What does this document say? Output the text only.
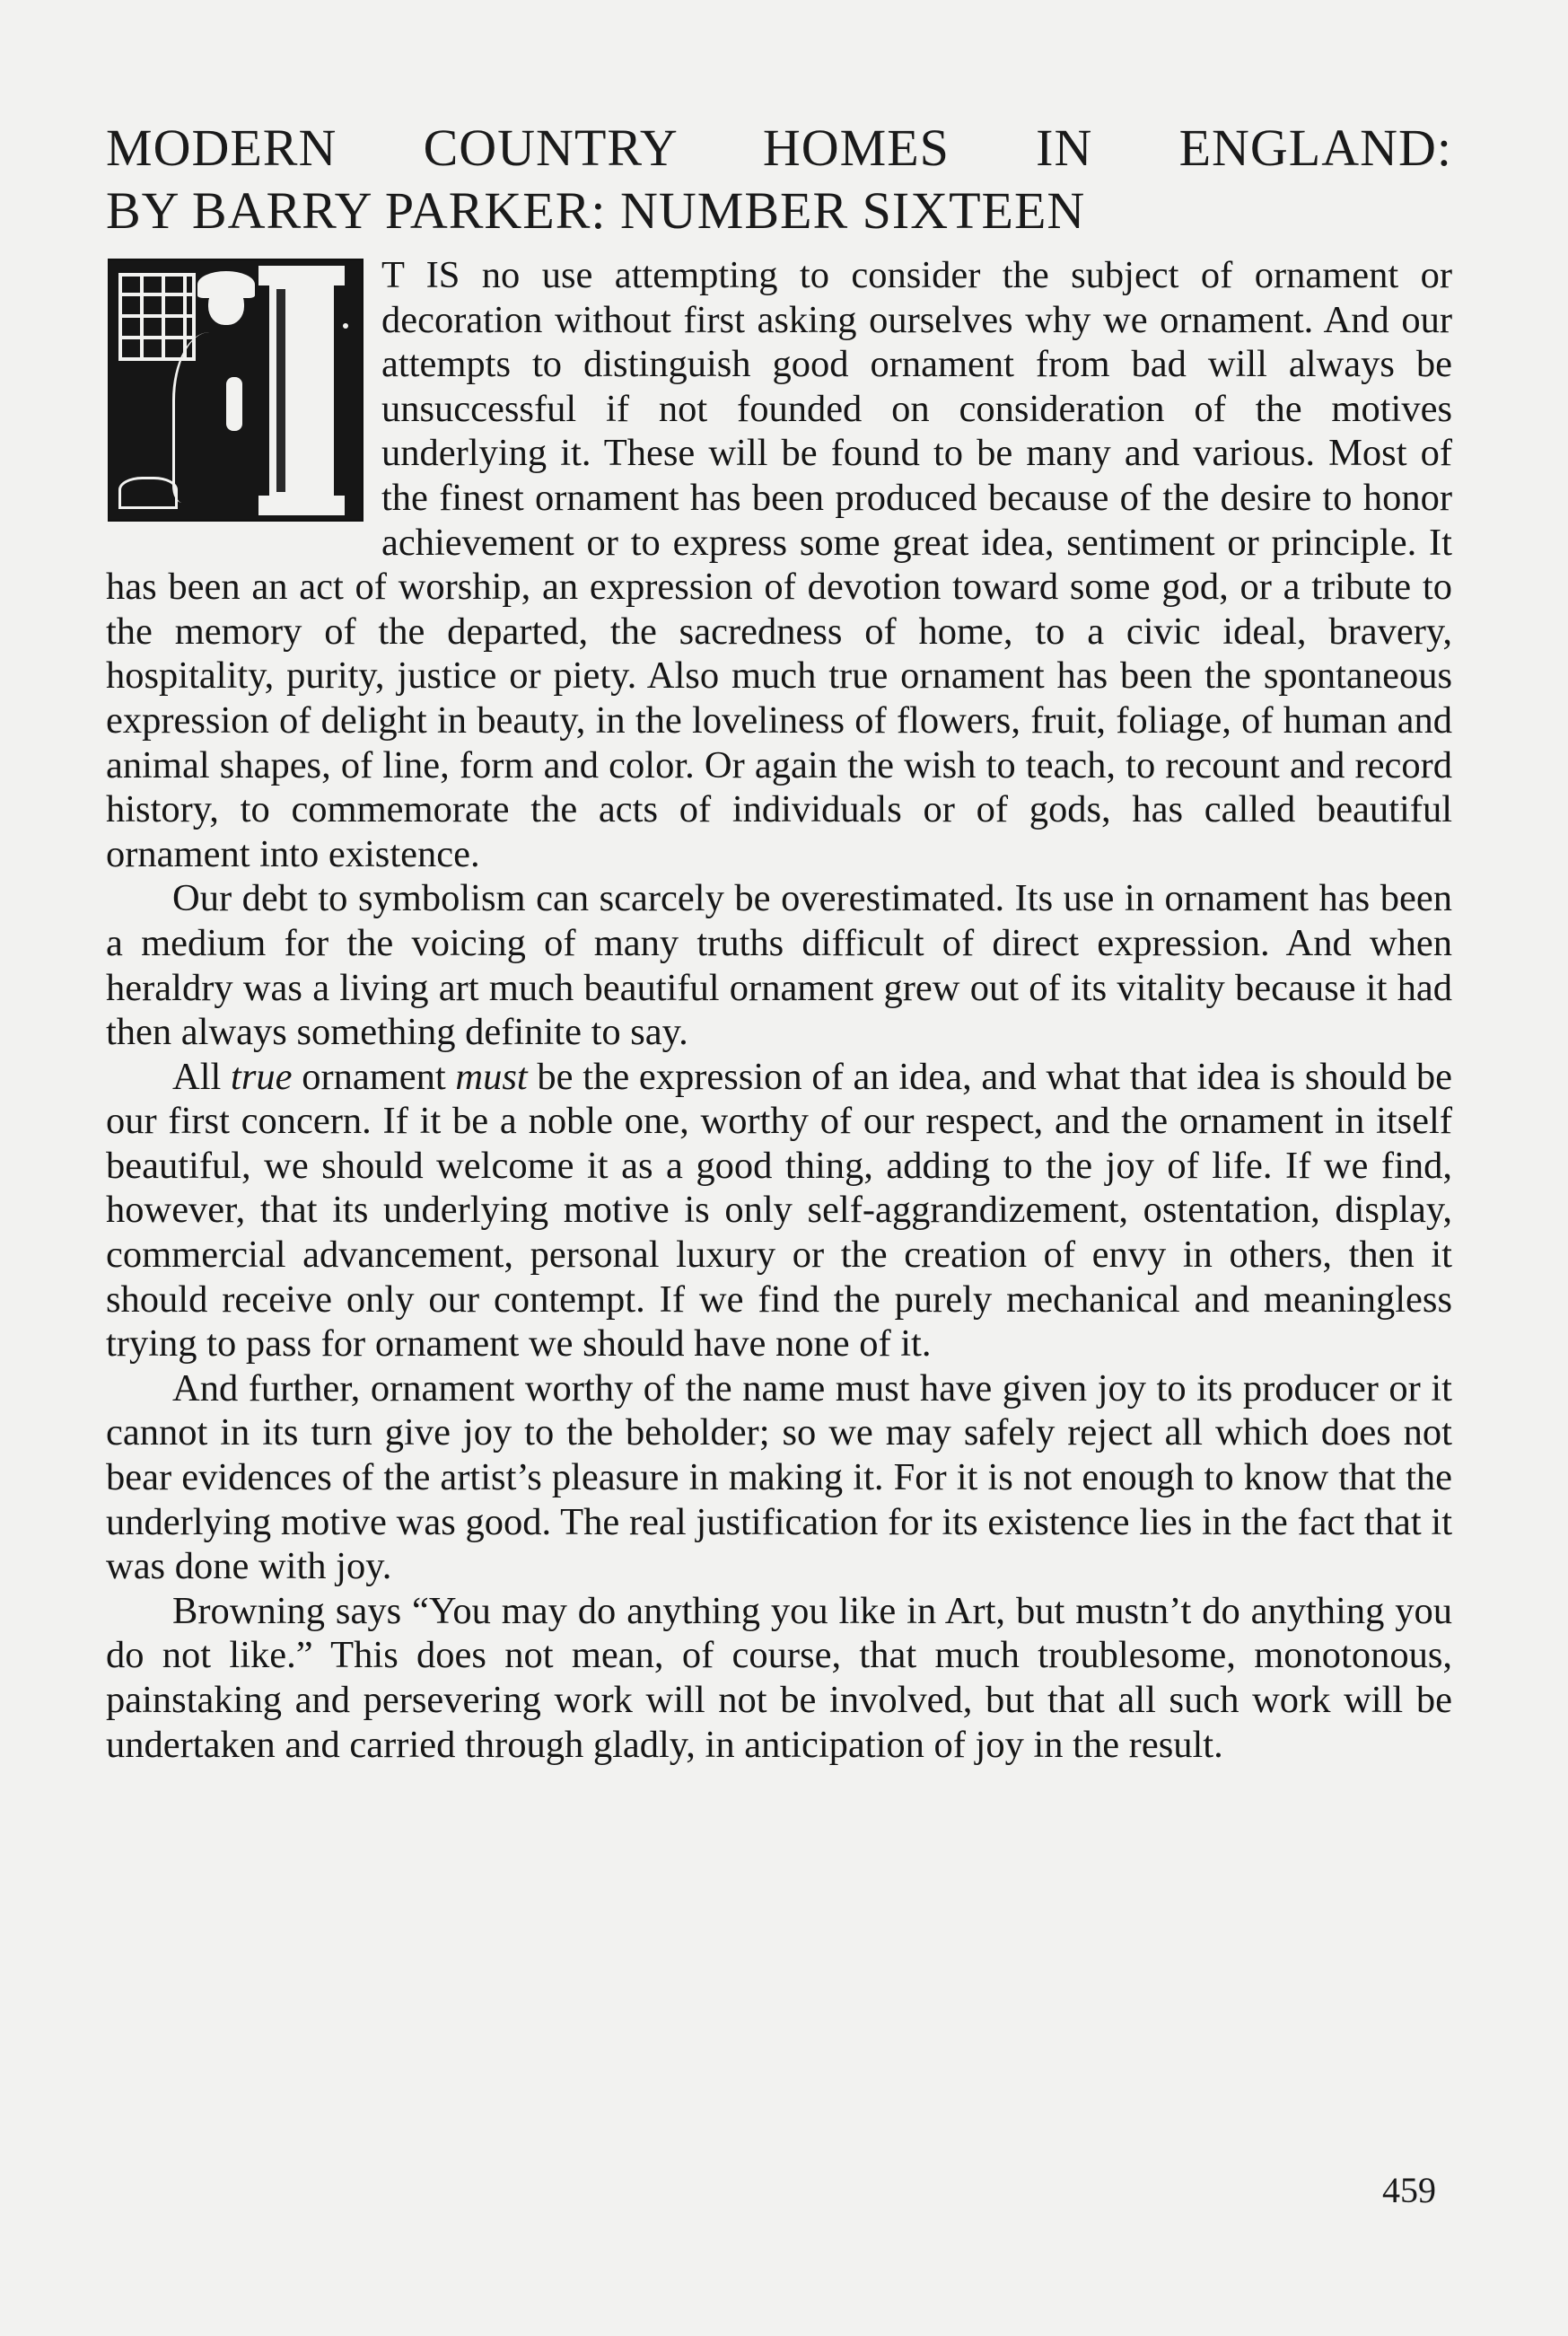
MODERN COUNTRY HOMES IN ENGLAND:
BY BARRY PARKER: NUMBER SIXTEEN

T IS no use attempting to consider the subject of ornament or decoration without first asking ourselves why we ornament. And our attempts to distinguish good ornament from bad will always be unsuccessful if not founded on consideration of the motives underlying it. These will be found to be many and various. Most of the finest ornament has been produced because of the desire to honor achievement or to express some great idea, sentiment or principle. It has been an act of worship, an expression of devotion toward some god, or a tribute to the memory of the departed, the sacredness of home, to a civic ideal, bravery, hospitality, purity, justice or piety. Also much true ornament has been the spontaneous expression of delight in beauty, in the loveliness of flowers, fruit, foliage, of human and animal shapes, of line, form and color. Or again the wish to teach, to recount and record history, to commemorate the acts of individuals or of gods, has called beautiful ornament into existence.

Our debt to symbolism can scarcely be overestimated. Its use in ornament has been a medium for the voicing of many truths difficult of direct expression. And when heraldry was a living art much beautiful ornament grew out of its vitality because it had then always something definite to say.

All true ornament must be the expression of an idea, and what that idea is should be our first concern. If it be a noble one, worthy of our respect, and the ornament in itself beautiful, we should welcome it as a good thing, adding to the joy of life. If we find, however, that its underlying motive is only self-aggrandizement, ostentation, display, commercial advancement, personal luxury or the creation of envy in others, then it should receive only our contempt. If we find the purely mechanical and meaningless trying to pass for ornament we should have none of it.

And further, ornament worthy of the name must have given joy to its producer or it cannot in its turn give joy to the beholder; so we may safely reject all which does not bear evidences of the artist’s pleasure in making it. For it is not enough to know that the underlying motive was good. The real justification for its existence lies in the fact that it was done with joy.

Browning says “You may do anything you like in Art, but mustn’t do anything you do not like.” This does not mean, of course, that much troublesome, monotonous, painstaking and persevering work will not be involved, but that all such work will be undertaken and carried through gladly, in anticipation of joy in the result.

459
